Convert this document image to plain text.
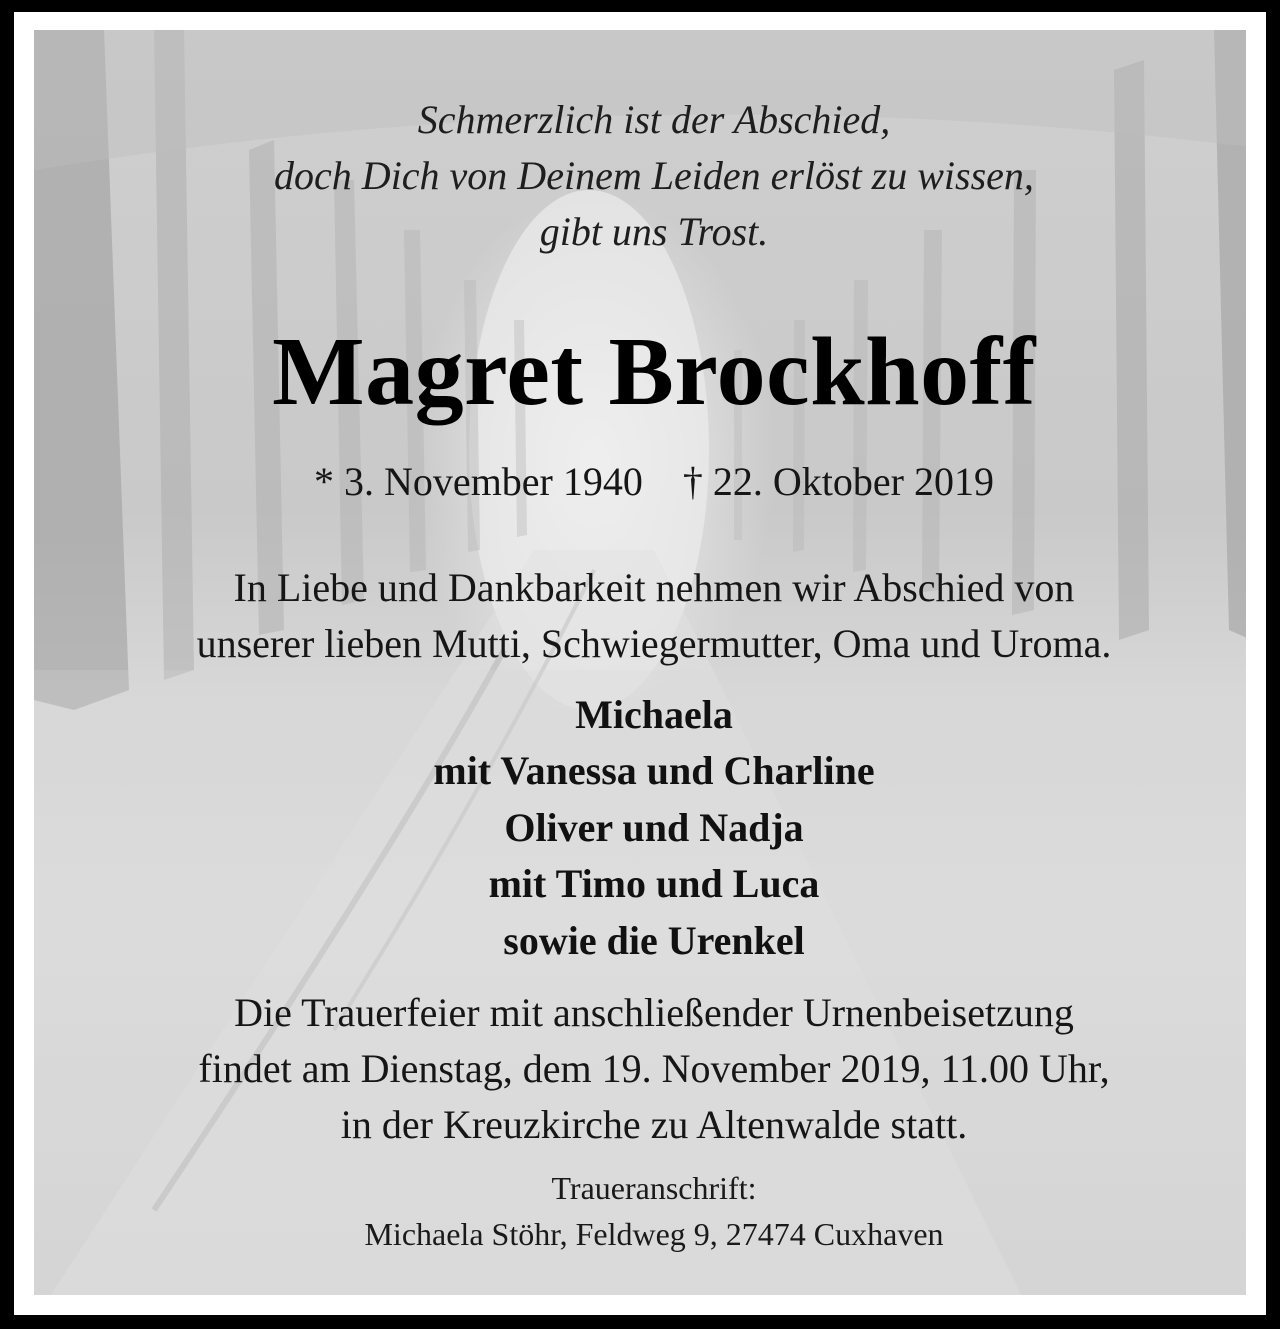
Schmerzlich ist der Abschied,
doch Dich von Deinem Leiden erlöst zu wissen,
gibt uns Trost.
Magret Brockhoff
* 3. November 1940 † 22. Oktober 2019
In Liebe und Dankbarkeit nehmen wir Abschied von
unserer lieben Mutti, Schwiegermutter, Oma und Uroma.
Michaela
mit Vanessa und Charline
Oliver und Nadja
mit Timo und Luca
sowie die Urenkel
Die Trauerfeier mit anschließender Urnenbeisetzung
findet am Dienstag, dem 19. November 2019, 11.00 Uhr,
in der Kreuzkirche zu Altenwalde statt.
Traueranschrift:
Michaela Stöhr, Feldweg 9, 27474 Cuxhaven
